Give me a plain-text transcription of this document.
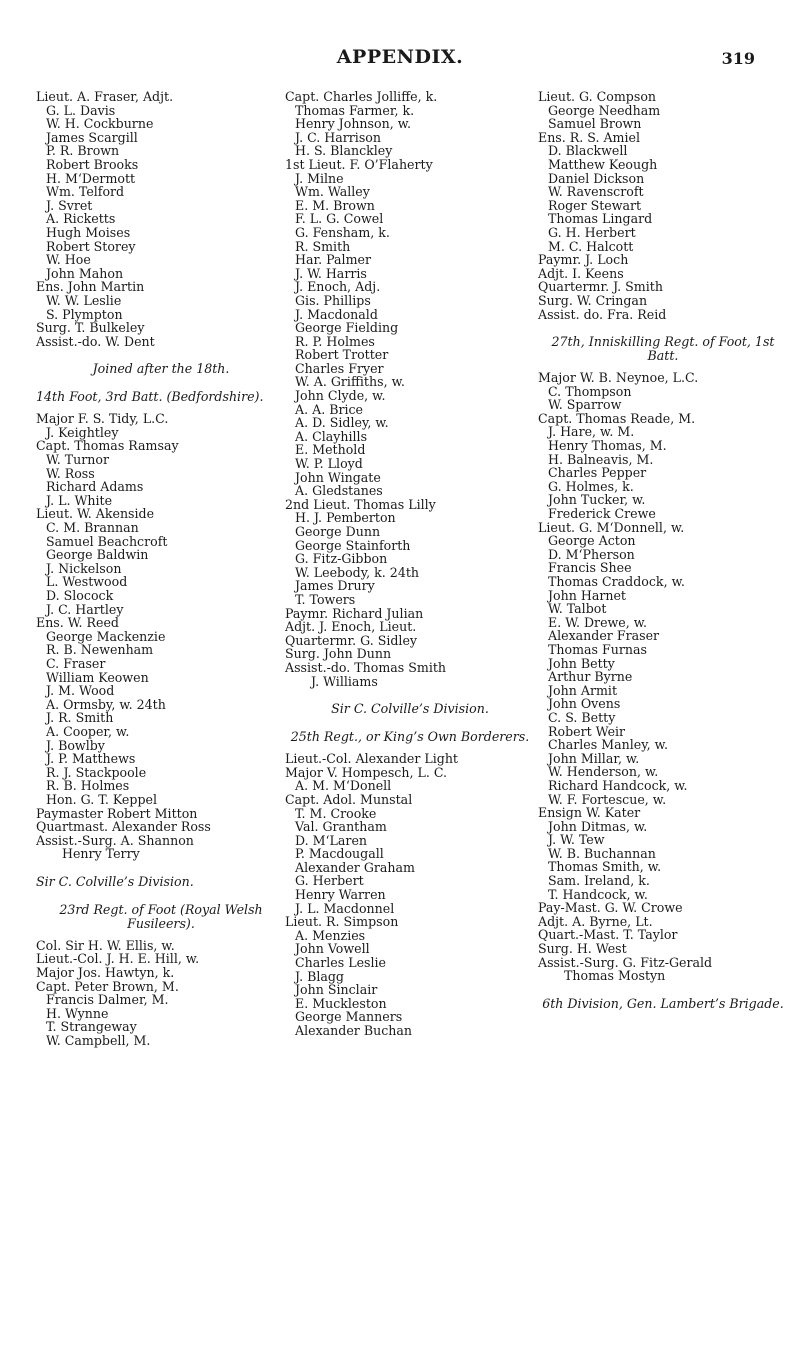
APPENDIX.	319
Lieut. A. Fraser, Adjt.
G. L. Davis
W. H. Cockburne
James Scargill
P. R. Brown
Robert Brooks
H. M‘Dermott
Wm. Telford
J. Svret
A. Ricketts
Hugh Moises
Robert Storey
W. Hoe
John Mahon
Ens. John Martin
W. W. Leslie
S. Plympton
Surg. T. Bulkeley
Assist.-do. W. Dent
Joined after the 18th.
14th Foot, 3rd Batt. (Bedfordshire).
Major F. S. Tidy, L.C.
J. Keightley
Capt. Thomas Ramsay
W. Turnor
W. Ross
Richard Adams
J. L. White
Lieut. W. Akenside
C. M. Brannan
Samuel Beachcroft
George Baldwin
J. Nickelson
L. Westwood
D. Slocock
J. C. Hartley
Ens. W. Reed
George Mackenzie
R. B. Newenham
C. Fraser
William Keowen
J. M. Wood
A. Ormsby, w. 24th
J. R. Smith
A. Cooper, w.
J. Bowlby
J. P. Matthews
R. J. Stackpoole
R. B. Holmes
Hon. G. T. Keppel
Paymaster Robert Mitton
Quartmast. Alexander Ross
Assist.-Surg. A. Shannon
Henry Terry
Sir C. Colville’s Division.
23rd Regt. of Foot (Royal Welsh Fusileers).
Col. Sir H. W. Ellis, w.
Lieut.-Col. J. H. E. Hill, w.
Major Jos. Hawtyn, k.
Capt. Peter Brown, M.
Francis Dalmer, M.
H. Wynne
T. Strangeway
W. Campbell, M.
Capt. Charles Jolliffe, k.
Thomas Farmer, k.
Henry Johnson, w.
J. C. Harrison
H. S. Blanckley
1st Lieut. F. O’Flaherty
J. Milne
Wm. Walley
E. M. Brown
F. L. G. Cowel
G. Fensham, k.
R. Smith
Har. Palmer
J. W. Harris
J. Enoch, Adj.
Gis. Phillips
J. Macdonald
George Fielding
R. P. Holmes
Robert Trotter
Charles Fryer
W. A. Griffiths, w.
John Clyde, w.
A. A. Brice
A. D. Sidley, w.
A. Clayhills
E. Methold
W. P. Lloyd
John Wingate
A. Gledstanes
2nd Lieut. Thomas Lilly
H. J. Pemberton
George Dunn
George Stainforth
G. Fitz-Gibbon
W. Leebody, k. 24th
James Drury
T. Towers
Paymr. Richard Julian
Adjt. J. Enoch, Lieut.
Quartermr. G. Sidley
Surg. John Dunn
Assist.-do. Thomas Smith
J. Williams
Sir C. Colville’s Division.
25th Regt., or King’s Own Borderers.
Lieut.-Col. Alexander Light
Major V. Hompesch, L. C.
A. M. M‘Donell
Capt. Adol. Munstal
T. M. Crooke
Val. Grantham
D. M‘Laren
P. Macdougall
Alexander Graham
G. Herbert
Henry Warren
J. L. Macdonnel
Lieut. R. Simpson
A. Menzies
John Vowell
Charles Leslie
J. Blagg
John Sinclair
E. Muckleston
George Manners
Alexander Buchan
Lieut. G. Compson
George Needham
Samuel Brown
Ens. R. S. Amiel
D. Blackwell
Matthew Keough
Daniel Dickson
W. Ravenscroft
Roger Stewart
Thomas Lingard
G. H. Herbert
M. C. Halcott
Paymr. J. Loch
Adjt. I. Keens
Quartermr. J. Smith
Surg. W. Cringan
Assist. do. Fra. Reid
27th, Inniskilling Regt. of Foot, 1st Batt.
Major W. B. Neynoe, L.C.
C. Thompson
W. Sparrow
Capt. Thomas Reade, M.
J. Hare, w. M.
Henry Thomas, M.
H. Balneavis, M.
Charles Pepper
G. Holmes, k.
John Tucker, w.
Frederick Crewe
Lieut. G. M‘Donnell, w.
George Acton
D. M‘Pherson
Francis Shee
Thomas Craddock, w.
John Harnet
W. Talbot
E. W. Drewe, w.
Alexander Fraser
Thomas Furnas
John Betty
Arthur Byrne
John Armit
John Ovens
C. S. Betty
Robert Weir
Charles Manley, w.
John Millar, w.
W. Henderson, w.
Richard Handcock, w.
W. F. Fortescue, w.
Ensign W. Kater
John Ditmas, w.
J. W. Tew
W. B. Buchannan
Thomas Smith, w.
Sam. Ireland, k.
T. Handcock, w.
Pay-Mast. G. W. Crowe
Adjt. A. Byrne, Lt.
Quart.-Mast. T. Taylor
Surg. H. West
Assist.-Surg. G. Fitz-Gerald
Thomas Mostyn
6th Division, Gen. Lambert’s Brigade.
